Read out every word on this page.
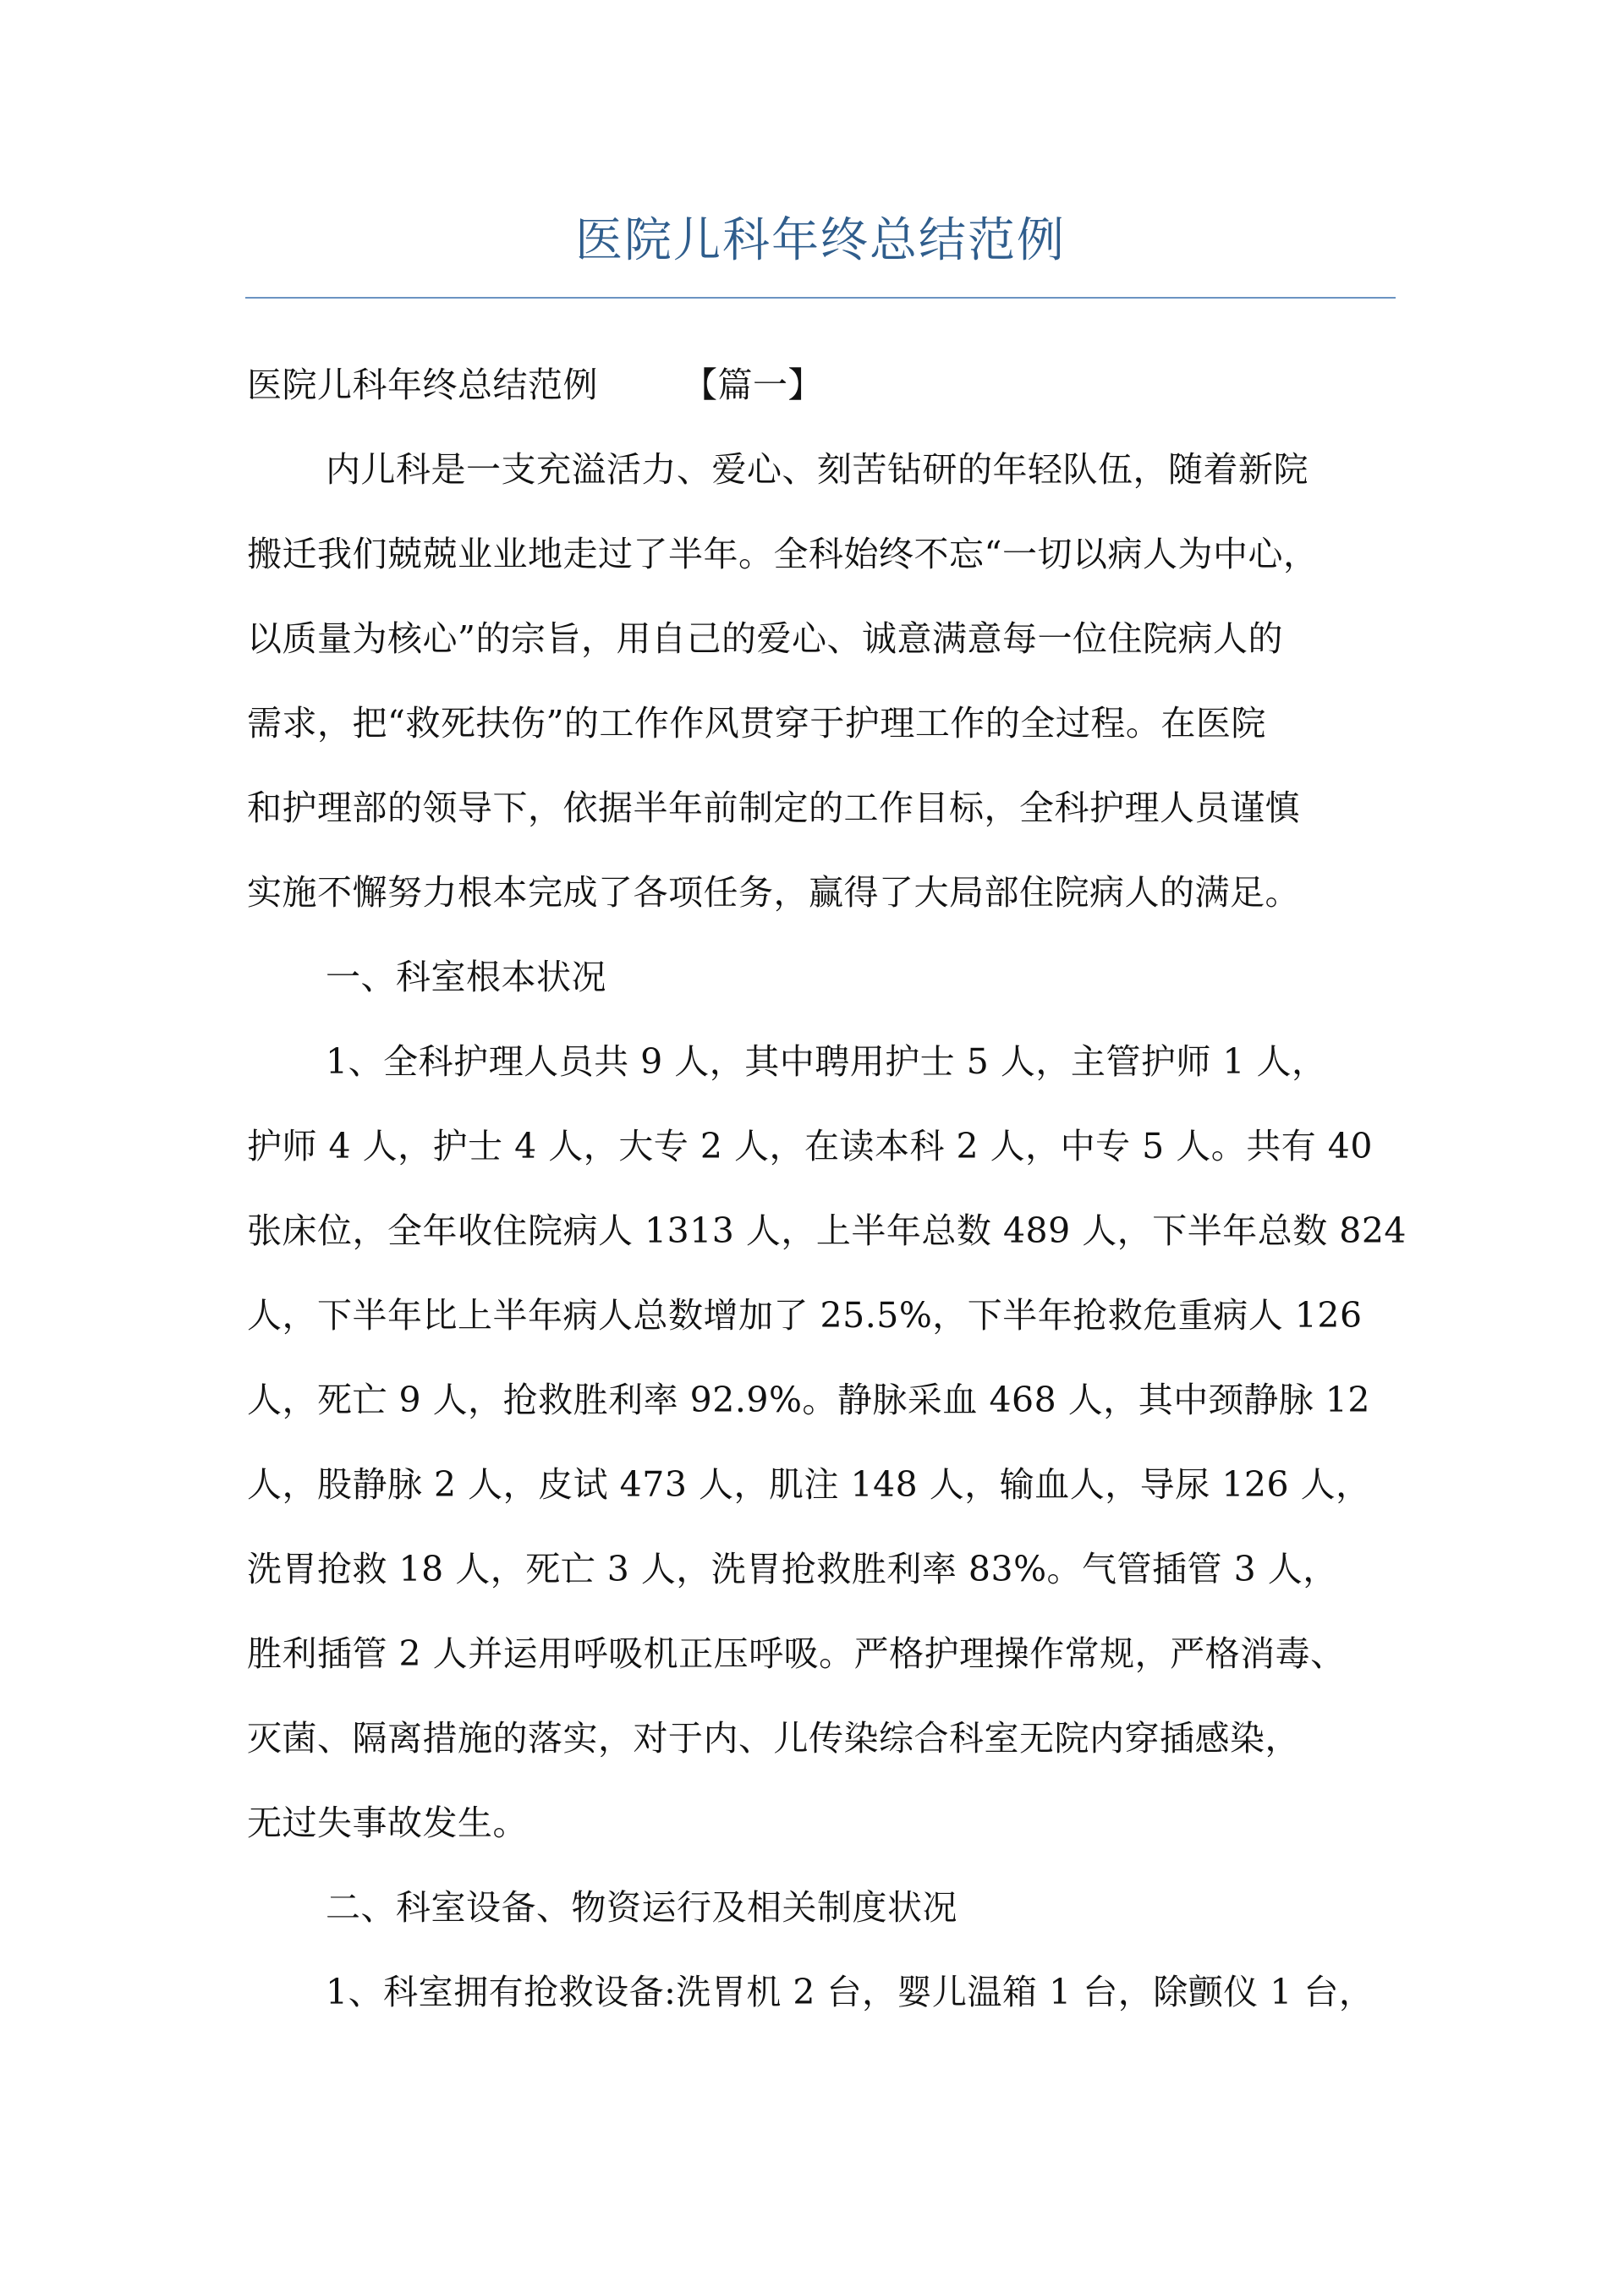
医院儿科年终总结范例
医院儿科年终总结范例 【篇一】
内儿科是一支充溢活力、爱心、刻苦钻研的年轻队伍，随着新院
搬迁我们兢兢业业地走过了半年。全科始终不忘“一切以病人为中心，
以质量为核心”的宗旨，用自己的爱心、诚意满意每一位住院病人的
需求，把“救死扶伤”的工作作风贯穿于护理工作的全过程。在医院
和护理部的领导下，依据半年前制定的工作目标，全科护理人员谨慎
实施不懈努力根本完成了各项任务，赢得了大局部住院病人的满足。
一、科室根本状况
1、全科护理人员共 9 人，其中聘用护士 5 人，主管护师 1 人，
护师 4 人，护士 4 人，大专 2 人，在读本科 2 人，中专 5 人。共有 40
张床位，全年收住院病人 1313 人，上半年总数 489 人，下半年总数 824
人，下半年比上半年病人总数增加了 25.5%，下半年抢救危重病人 126
人，死亡 9 人，抢救胜利率 92.9%。静脉采血 468 人，其中颈静脉 12
人，股静脉 2 人，皮试 473 人，肌注 148 人，输血人，导尿 126 人，
洗胃抢救 18 人，死亡 3 人，洗胃抢救胜利率 83%。气管插管 3 人，
胜利插管 2 人并运用呼吸机正压呼吸。严格护理操作常规，严格消毒、
灭菌、隔离措施的落实，对于内、儿传染综合科室无院内穿插感染，
无过失事故发生。
二、科室设备、物资运行及相关制度状况
1、科室拥有抢救设备:洗胃机 2 台，婴儿温箱 1 台，除颤仪 1 台，
